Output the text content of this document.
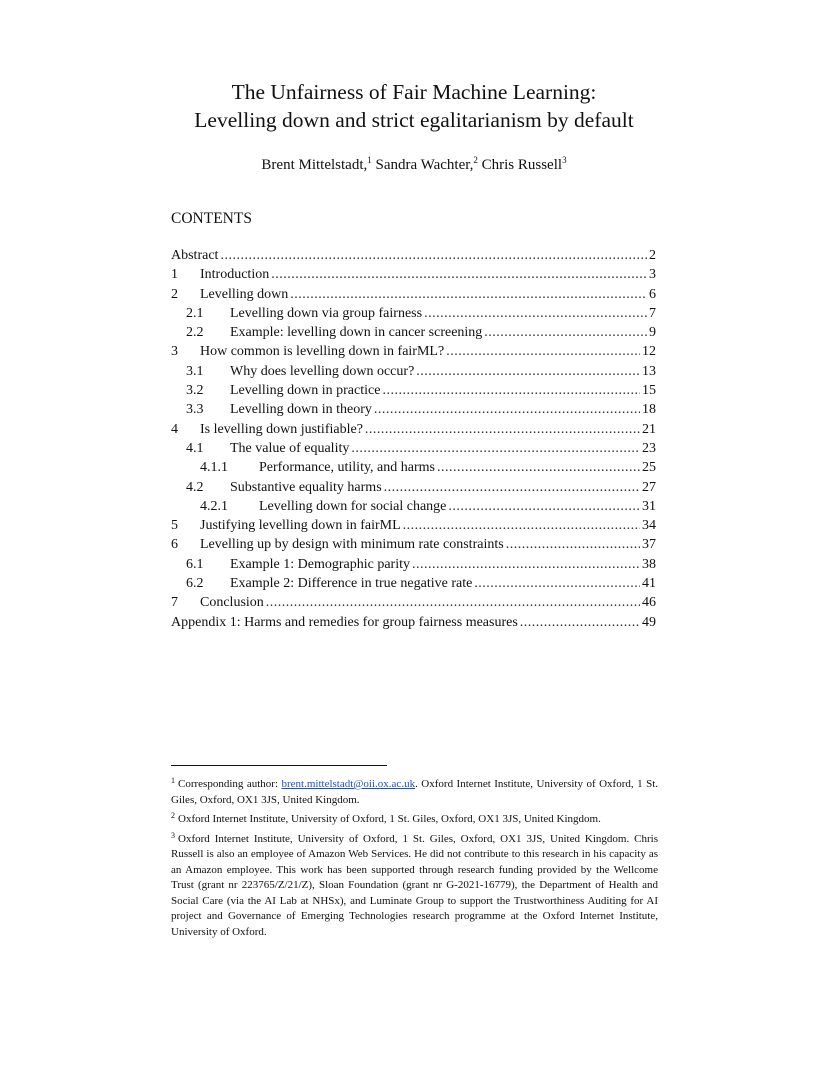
The Unfairness of Fair Machine Learning:
Levelling down and strict egalitarianism by default
Brent Mittelstadt,$^1$ Sandra Wachter,$^2$ Chris Russell$^3$
CONTENTS
Abstract .....	2
1	Introduction .....	3
2	Levelling down .....	6
2.1	Levelling down via group fairness .....	7
2.2	Example: levelling down in cancer screening .....	9
3	How common is levelling down in fairML? .....	12
3.1	Why does levelling down occur? .....	13
3.2	Levelling down in practice .....	15
3.3	Levelling down in theory .....	18
4	Is levelling down justifiable? .....	21
4.1	The value of equality .....	23
4.1.1	Performance, utility, and harms .....	25
4.2	Substantive equality harms .....	27
4.2.1	Levelling down for social change .....	31
5	Justifying levelling down in fairML .....	34
6	Levelling up by design with minimum rate constraints .....	37
6.1	Example 1: Demographic parity .....	38
6.2	Example 2: Difference in true negative rate .....	41
7	Conclusion .....	46
Appendix 1: Harms and remedies for group fairness measures .....	49

$^1$ Corresponding author: brent.mittelstadt@oii.ox.ac.uk. Oxford Internet Institute, University of Oxford, 1 St. Giles, Oxford, OX1 3JS, United Kingdom.

$^2$ Oxford Internet Institute, University of Oxford, 1 St. Giles, Oxford, OX1 3JS, United Kingdom.

$^3$ Oxford Internet Institute, University of Oxford, 1 St. Giles, Oxford, OX1 3JS, United Kingdom. Chris Russell is also an employee of Amazon Web Services. He did not contribute to this research in his capacity as an Amazon employee. This work has been supported through research funding provided by the Wellcome Trust (grant nr 223765/Z/21/Z), Sloan Foundation (grant nr G-2021-16779), the Department of Health and Social Care (via the AI Lab at NHSx), and Luminate Group to support the Trustworthiness Auditing for AI project and Governance of Emerging Technologies research programme at the Oxford Internet Institute, University of Oxford.
